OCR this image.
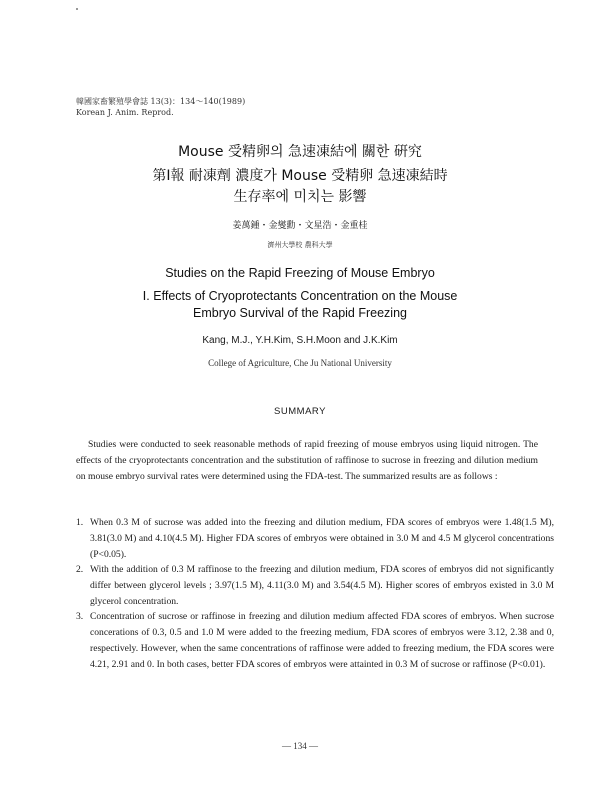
韓國家畜繁殖學會誌 13(3)：134～140(1989)
Korean J. Anim. Reprod.
Mouse 受精卵의 急速凍結에 關한 硏究
第Ⅰ報 耐凍劑 濃度가 Mouse 受精卵 急速凍結時
生存率에 미치는 影響
姜萬鍾・金燮勳・文星浩・金重桂
濟州大學校 農科大學
Studies on the Rapid Freezing of Mouse Embryo
Ⅰ. Effects of Cryoprotectants Concentration on the Mouse
Embryo Survival of the Rapid Freezing
Kang, M.J., Y.H.Kim, S.H.Moon and J.K.Kim
College of Agriculture, Che Ju National University
SUMMARY

Studies were conducted to seek reasonable methods of rapid freezing of mouse embryos using liquid nitrogen. The effects of the cryoprotectants concentration and the substitution of raffinose to sucrose in freezing and dilution medium on mouse embryo survival rates were determined using the FDA-test. The summarized results are as follows :

1. When 0.3 M of sucrose was added into the freezing and dilution medium, FDA scores of embryos were 1.48(1.5 M), 3.81(3.0 M) and 4.10(4.5 M). Higher FDA scores of embryos were obtained in 3.0 M and 4.5 M glycerol concentrations (P<0.05).
2. With the addition of 0.3 M raffinose to the freezing and dilution medium, FDA scores of embryos did not significantly differ between glycerol levels ; 3.97(1.5 M), 4.11(3.0 M) and 3.54(4.5 M). Higher scores of embryos existed in 3.0 M glycerol concentration.
3. Concentration of sucrose or raffinose in freezing and dilution medium affected FDA scores of embryos. When sucrose concerations of 0.3, 0.5 and 1.0 M were added to the freezing medium, FDA scores of embryos were 3.12, 2.38 and 0, respectively. However, when the same concentrations of raffinose were added to freezing medium, the FDA scores were 4.21, 2.91 and 0. In both cases, better FDA scores of embryos were attainted in 0.3 M of sucrose or raffinose (P<0.01).
— 134 —
